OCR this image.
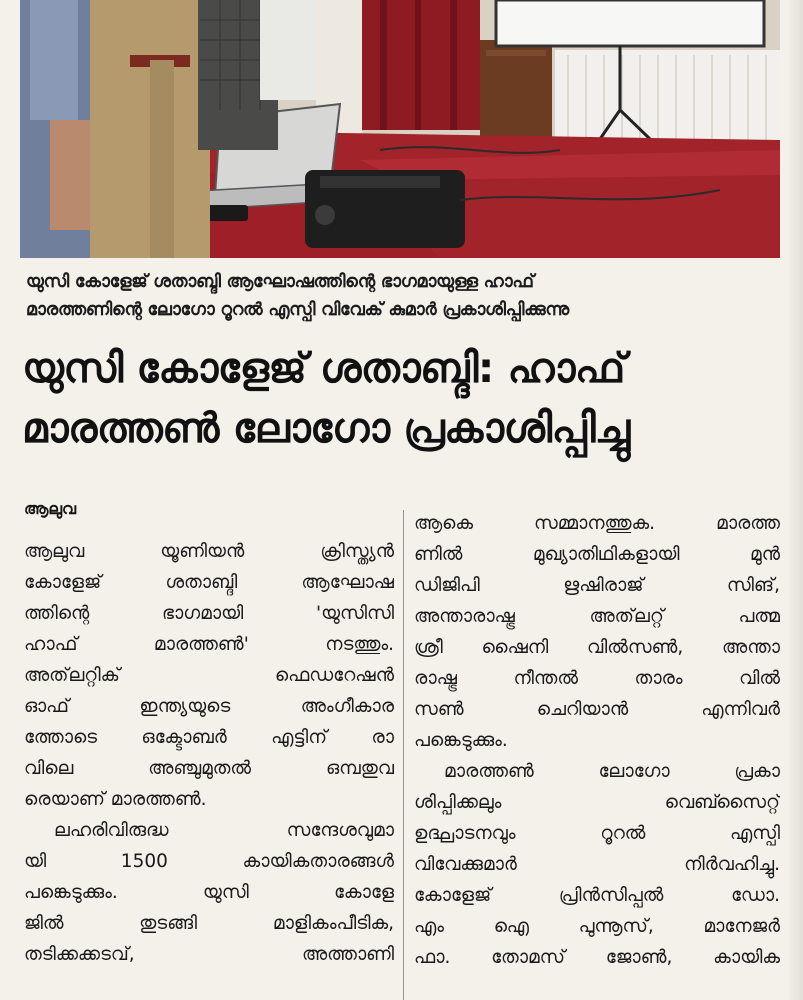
യുസി കോളേജ് ശതാബ്ദി ആഘോഷത്തിന്റെ ഭാഗമായുള്ള ഹാഫ്
മാരത്തണിന്റെ ലോഗോ റൂറൽ എസ്പി വിവേക് കുമാർ പ്രകാശിപ്പിക്കുന്നു
യുസി കോളേജ് ശതാബ്ദി: ഹാഫ്
മാരത്തൺ ലോഗോ പ്രകാശിപ്പിച്ചു
ആലുവ
ആലുവ യൂണിയൻ ക്രിസ്ത്യൻ
കോളേജ് ശതാബ്ദി ആഘോഷ
ത്തിന്റെ ഭാഗമായി 'യുസിസി
ഹാഫ് മാരത്തൺ' നടത്തും.
അത്‌ലറ്റിക് ഫെഡറേഷൻ
ഓഫ് ഇന്ത്യയുടെ അംഗീകാര
ത്തോടെ ഒക്ടോബർ എട്ടിന് രാ
വിലെ അഞ്ചുമുതൽ ഒമ്പതുവ
രെയാണ് മാരത്തൺ.
ലഹരിവിരുദ്ധ സന്ദേശവുമാ
യി 1500 കായികതാരങ്ങൾ
പങ്കെടുക്കും. യുസി കോളേ
ജിൽ തുടങ്ങി മാളികംപീടിക,
തടിക്കക്കടവ്, അത്താണി
ആകെ സമ്മാനത്തുക. മാരത്ത
ണിൽ മുഖ്യാതിഥികളായി മുൻ
ഡിജിപി ഋഷിരാജ് സിങ്,
അന്താരാഷ്ട്ര അത്‌ലറ്റ് പത്മ
ശ്രീ ഷൈനി വിൽസൺ, അന്താ
രാഷ്ട്ര നീന്തൽ താരം വിൽ
സൺ ചെറിയാൻ എന്നിവർ
പങ്കെടുക്കും.
മാരത്തൺ ലോഗോ പ്രകാ
ശിപ്പിക്കലും വെബ്സൈറ്റ്
ഉദ്ഘാടനവും റൂറൽ എസ്പി
വിവേക്കുമാർ നിർവഹിച്ചു.
കോളേജ് പ്രിൻസിപ്പൽ ഡോ.
എം ഐ പുന്നൂസ്, മാനേജർ
ഫാ. തോമസ് ജോൺ, കായിക
